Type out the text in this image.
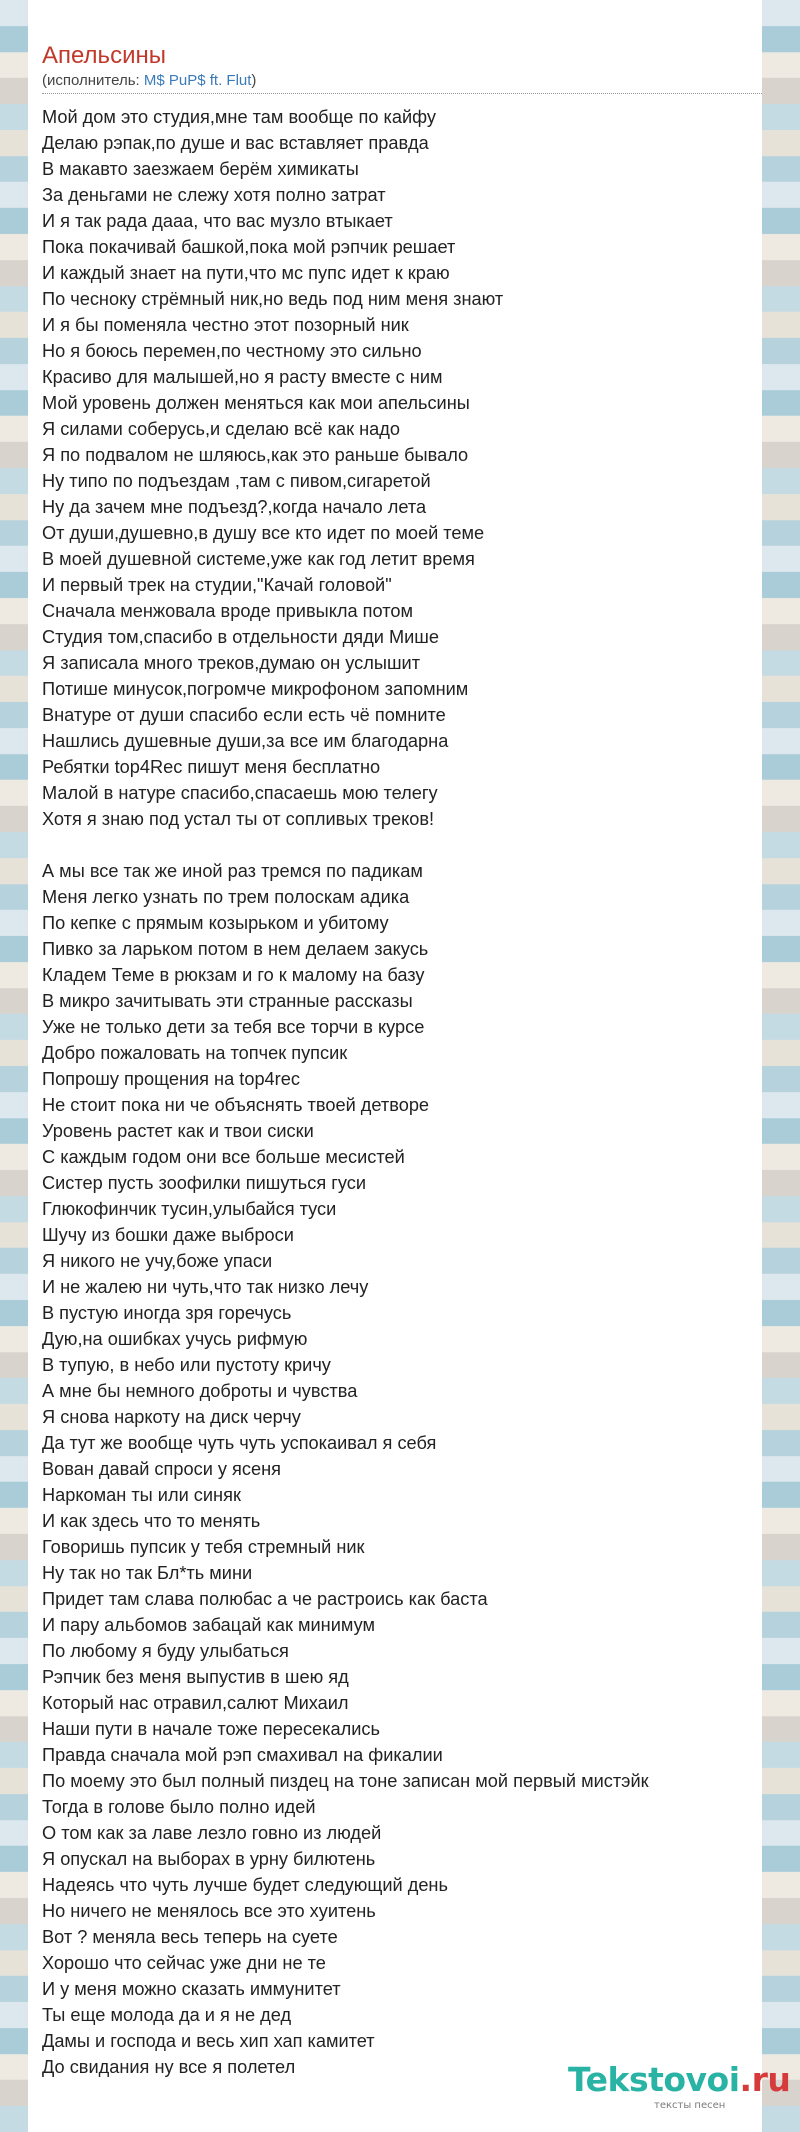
Апельсины
(исполнитель: M$ PuP$ ft. Flut)
Мой дом это студия,мне там вообще по кайфу
Делаю рэпак,по душе и вас вставляет правда
В макавто заезжаем берём химикаты
За деньгами не слежу хотя полно затрат
И я так рада дааа, что вас музло втыкает
Пока покачивай башкой,пока мой рэпчик решает
И каждый знает на пути,что мс пупс идет к краю
По чесноку стрёмный ник,но ведь под ним меня знают
И я бы поменяла честно этот позорный ник
Но я боюсь перемен,по честному это сильно
Красиво для малышей,но я расту вместе с ним
Мой уровень должен меняться как мои апельсины
Я силами соберусь,и сделаю всё как надо
Я по подвалом не шляюсь,как это раньше бывало
Ну типо по подъездам ,там с пивом,сигаретой
Ну да зачем мне подъезд?,когда начало лета
От души,душевно,в душу все кто идет по моей теме
В моей душевной системе,уже как год летит время
И первый трек на студии,"Качай головой"
Сначала менжовала вроде привыкла потом
Студия том,спасибо в отдельности дяди Мише
Я записала много треков,думаю он услышит
Потише минусок,погромче микрофоном запомним
Внатуре от души спасибо если есть чё помните
Нашлись душевные души,за все им благодарна
Ребятки top4Rec пишут меня бесплатно
Малой в натуре спасибо,спасаешь мою телегу
Хотя я знаю под устал ты от сопливых треков!
А мы все так же иной раз тремся по падикам
Меня легко узнать по трем полоскам адика
По кепке с прямым козырьком и убитому
Пивко за ларьком потом в нем делаем закусь
Кладем Теме в рюкзам и го к малому на базу
В микро зачитывать эти странные рассказы
Уже не только дети за тебя все торчи в курсе
Добро пожаловать на топчек пупсик
Попрошу прощения на top4rec
Не стоит пока ни че объяснять твоей детворе
Уровень растет как и твои сиски
С каждым годом они все больше месистей
Систер пусть зоофилки пишуться гуси
Глюкофинчик тусин,улыбайся туси
Шучу из бошки даже выброси
Я никого не учу,боже упаси
И не жалею ни чуть,что так низко лечу
В пустую иногда зря горечусь
Дую,на ошибках учусь рифмую
В тупую, в небо или пустоту кричу
А мне бы немного доброты и чувства
Я снова наркоту на диск черчу
Да тут же вообще чуть чуть успокаивал я себя
Вован давай спроси у ясеня
Наркоман ты или синяк
И как здесь что то менять
Говоришь пупсик у тебя стремный ник
Ну так но так Бл*ть мини
Придет там слава полюбас а че растроись как баста
И пару альбомов забацай как минимум
По любому я буду улыбаться
Рэпчик без меня выпустив в шею яд
Который нас отравил,салют Михаил
Наши пути в начале тоже пересекались
Правда сначала мой рэп смахивал на фикалии
По моему это был полный пиздец на тоне записан мой первый мистэйк
Тогда в голове было полно идей
О том как за лаве лезло говно из людей
Я опускал на выборах в урну билютень
Надеясь что чуть лучше будет следующий день
Но ничего не менялось все это хуитень
Вот ? меняла весь теперь на суете
Хорошо что сейчас уже дни не те
И у меня можно сказать иммунитет
Ты еще молода да и я не дед
Дамы и господа и весь хип хап камитет
До свидания ну все я полетел	Tekstovoi.ru
тексты песен
